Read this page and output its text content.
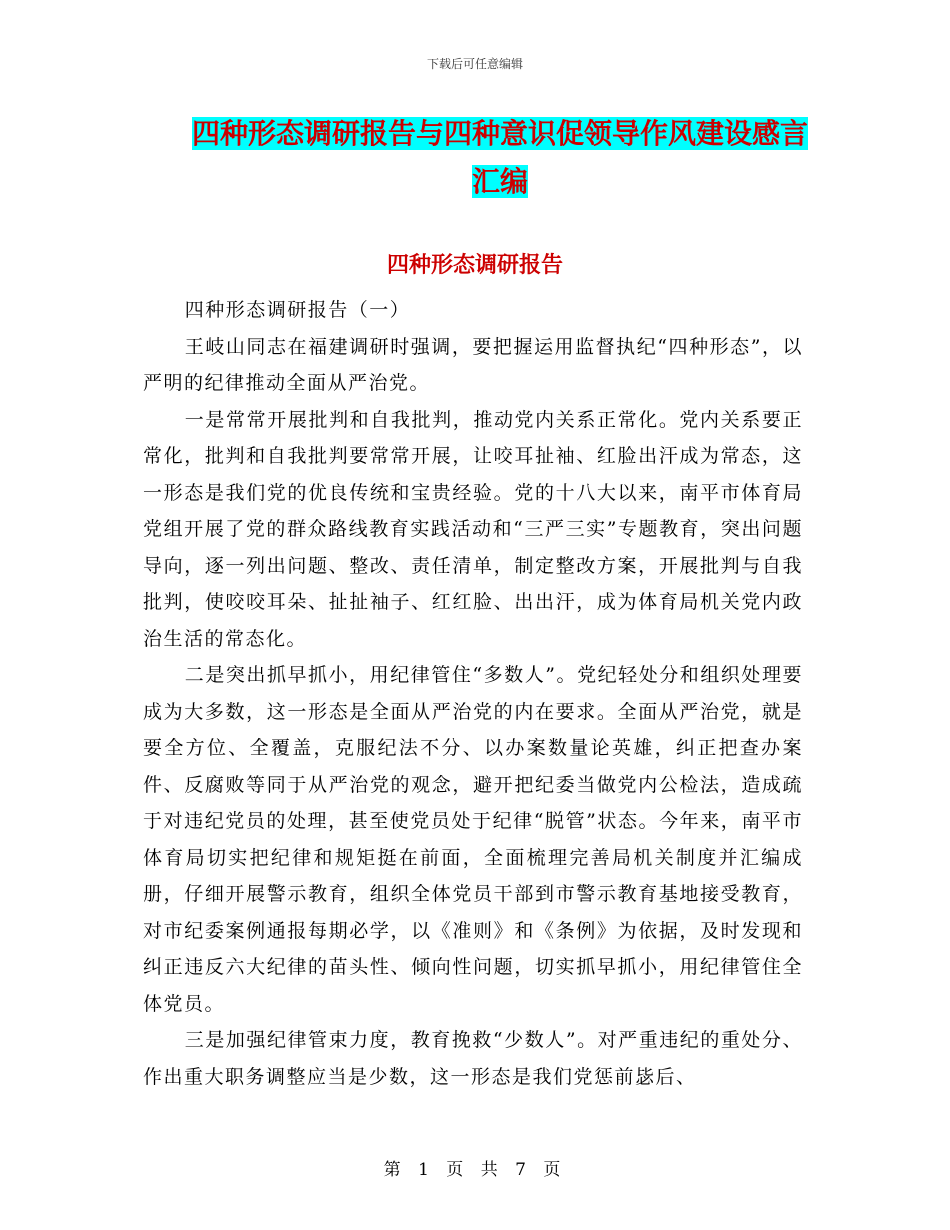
下载后可任意编辑
四种形态调研报告与四种意识促领导作风建设感言汇编
四种形态调研报告

四种形态调研报告（一）

王岐山同志在福建调研时强调，要把握运用监督执纪“四种形态”，以严明的纪律推动全面从严治党。

一是常常开展批判和自我批判，推动党内关系正常化。党内关系要正常化，批判和自我批判要常常开展，让咬耳扯袖、红脸出汗成为常态，这一形态是我们党的优良传统和宝贵经验。党的十八大以来，南平市体育局党组开展了党的群众路线教育实践活动和“三严三实”专题教育，突出问题导向，逐一列出问题、整改、责任清单，制定整改方案，开展批判与自我批判，使咬咬耳朵、扯扯袖子、红红脸、出出汗，成为体育局机关党内政治生活的常态化。

二是突出抓早抓小，用纪律管住“多数人”。党纪轻处分和组织处理要成为大多数，这一形态是全面从严治党的内在要求。全面从严治党，就是要全方位、全覆盖，克服纪法不分、以办案数量论英雄，纠正把查办案件、反腐败等同于从严治党的观念，避开把纪委当做党内公检法，造成疏于对违纪党员的处理，甚至使党员处于纪律“脱管”状态。今年来，南平市体育局切实把纪律和规矩挺在前面，全面梳理完善局机关制度并汇编成册，仔细开展警示教育，组织全体党员干部到市警示教育基地接受教育，对市纪委案例通报每期必学，以《准则》和《条例》为依据，及时发现和纠正违反六大纪律的苗头性、倾向性问题，切实抓早抓小，用纪律管住全体党员。

三是加强纪律管束力度，教育挽救“少数人”。对严重违纪的重处分、作出重大职务调整应当是少数，这一形态是我们党惩前毖后、

第 1 页 共 7 页
